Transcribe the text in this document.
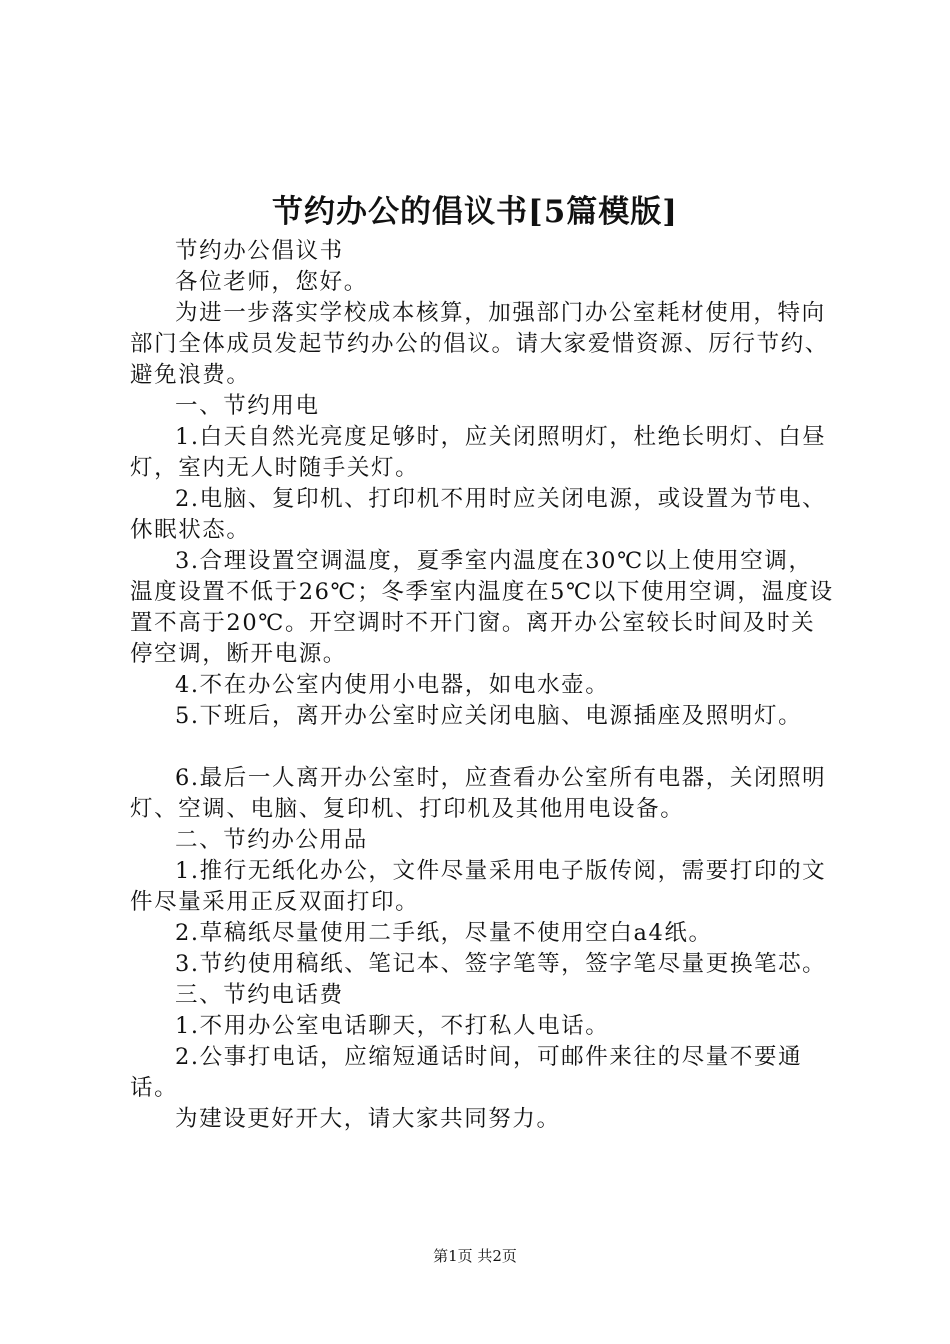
节约办公的倡议书[5篇模版]

节约办公倡议书

各位老师，您好。

为进一步落实学校成本核算，加强部门办公室耗材使用，特向部门全体成员发起节约办公的倡议。请大家爱惜资源、厉行节约、避免浪费。

一、节约用电

1.白天自然光亮度足够时，应关闭照明灯，杜绝长明灯、白昼灯，室内无人时随手关灯。

2.电脑、复印机、打印机不用时应关闭电源，或设置为节电、休眠状态。

3.合理设置空调温度，夏季室内温度在30℃以上使用空调，温度设置不低于26℃；冬季室内温度在5℃以下使用空调，温度设置不高于20℃。开空调时不开门窗。离开办公室较长时间及时关停空调，断开电源。

4.不在办公室内使用小电器，如电水壶。

5.下班后，离开办公室时应关闭电脑、电源插座及照明灯。

6.最后一人离开办公室时，应查看办公室所有电器，关闭照明灯、空调、电脑、复印机、打印机及其他用电设备。

二、节约办公用品

1.推行无纸化办公，文件尽量采用电子版传阅，需要打印的文件尽量采用正反双面打印。

2.草稿纸尽量使用二手纸，尽量不使用空白a4纸。

3.节约使用稿纸、笔记本、签字笔等，签字笔尽量更换笔芯。

三、节约电话费

1.不用办公室电话聊天，不打私人电话。

2.公事打电话，应缩短通话时间，可邮件来往的尽量不要通话。

为建设更好开大，请大家共同努力。

第1页 共2页
